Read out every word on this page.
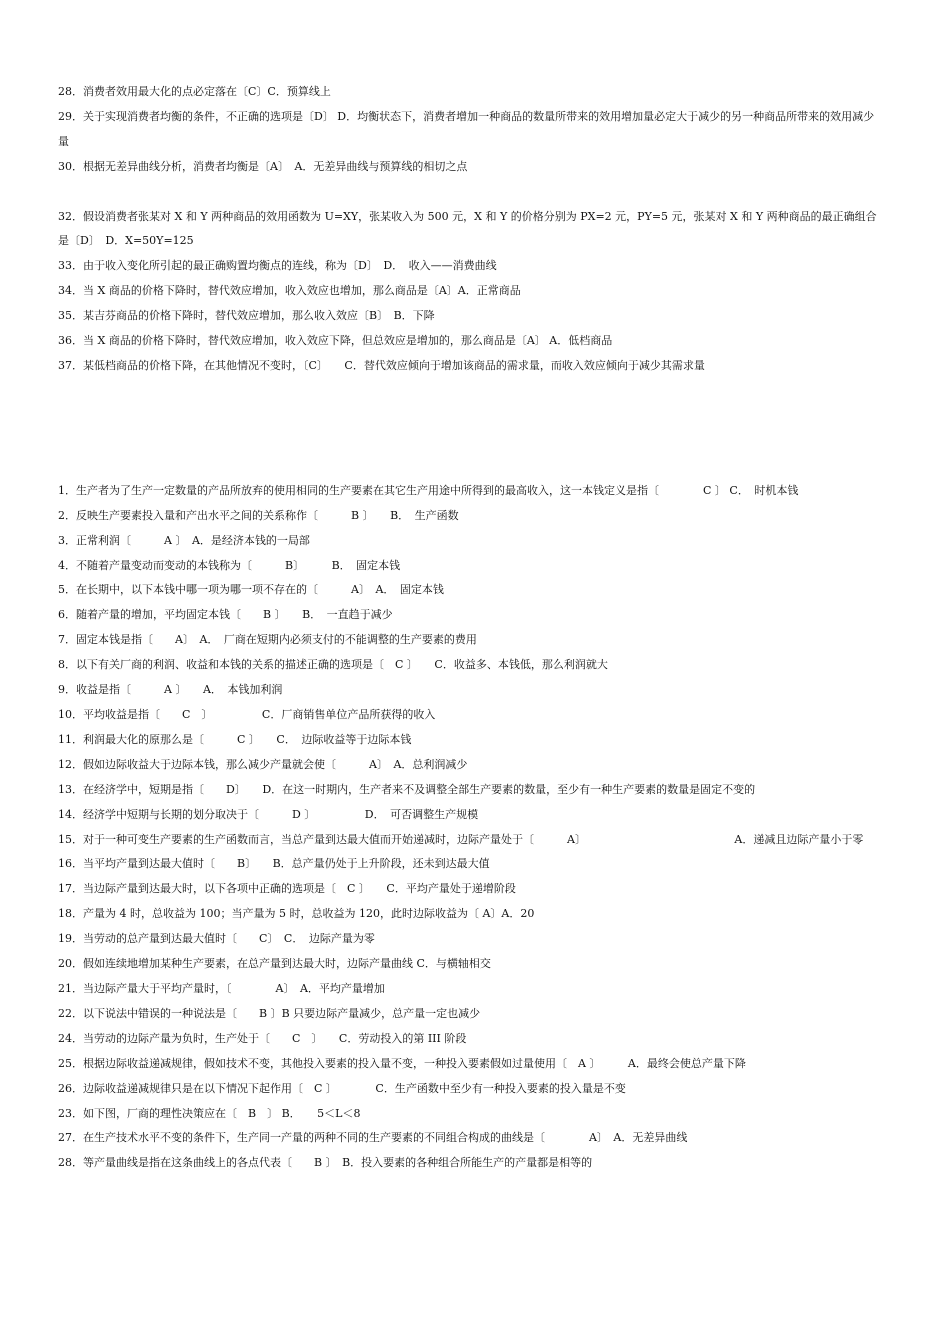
28．消费者效用最大化的点必定落在〔C〕C．预算线上

29．关于实现消费者均衡的条件，不正确的选项是〔D〕 D．均衡状态下，消费者增加一种商品的数量所带来的效用增加量必定大于减少的另一种商品所带来的效用减少量

30．根据无差异曲线分析，消费者均衡是〔A〕　A．无差异曲线与预算线的相切之点

32．假设消费者张某对 X 和 Y 两种商品的效用函数为 U=XY，张某收入为 500 元，X 和 Y 的价格分别为 PX=2 元，PY=5 元，张某对 X 和 Y 两种商品的最正确组合是〔D〕　D．X=50Y=125

33．由于收入变化所引起的最正确购置均衡点的连线，称为〔D〕　D．　收入——消费曲线

34．当 X 商品的价格下降时，替代效应增加，收入效应也增加，那么商品是〔A〕A．正常商品

35．某吉芬商品的价格下降时，替代效应增加，那么收入效应〔B〕　B．下降

36．当 X 商品的价格下降时，替代效应增加，收入效应下降，但总效应是增加的，那么商品是〔A〕 A．低档商品

37．某低档商品的价格下降，在其他情况不变时，〔C〕　　C．替代效应倾向于增加该商品的需求量，而收入效应倾向于减少其需求量

1．生产者为了生产一定数量的产品所放弃的使用相同的生产要素在其它生产用途中所得到的最高收入，这一本钱定义是指〔　　　　C 〕 C．　时机本钱

2．反映生产要素投入量和产出水平之间的关系称作〔　　　B 〕　　B．　生产函数

3．正常利润〔　　　A 〕　A．是经济本钱的一局部

4．不随着产量变动而变动的本钱称为〔　　　B〕　　　B．　固定本钱

5．在长期中，以下本钱中哪一项为哪一项不存在的〔　　　A〕　A．　固定本钱

6．随着产量的增加，平均固定本钱〔　　B 〕　　B．　一直趋于减少

7．固定本钱是指〔　　A〕　A．　厂商在短期内必须支付的不能调整的生产要素的费用

8．以下有关厂商的利润、收益和本钱的关系的描述正确的选项是〔　C 〕　　C．收益多、本钱低，那么利润就大

9．收益是指〔　　　A 〕　　A．　本钱加利润

10．平均收益是指〔　　C　〕　　　　　C．厂商销售单位产品所获得的收入

11．利润最大化的原那么是〔　　　C 〕　　C．　边际收益等于边际本钱

12．假如边际收益大于边际本钱，那么减少产量就会使〔　　　A〕　A．总利润减少

13．在经济学中，短期是指〔　　D〕　　D．在这一时期内，生产者来不及调整全部生产要素的数量，至少有一种生产要素的数量是固定不变的

14．经济学中短期与长期的划分取决于〔　　　D 〕　　　　　D．　可否调整生产规模

15．对于一种可变生产要素的生产函数而言，当总产量到达最大值而开始递减时，边际产量处于〔　　　A〕　　　　　　　　　　　　　　A．递减且边际产量小于零

16．当平均产量到达最大值时〔　　B〕　　B．总产量仍处于上升阶段，还未到达最大值

17．当边际产量到达最大时，以下各项中正确的选项是〔　C 〕　　C．平均产量处于递增阶段

18．产量为 4 时，总收益为 100；当产量为 5 时，总收益为 120，此时边际收益为〔 A〕A．20

19．当劳动的总产量到达最大值时〔　　C〕　C．　边际产量为零

20．假如连续地增加某种生产要素，在总产量到达最大时，边际产量曲线 C．与横轴相交

21．当边际产量大于平均产量时，〔　　　　A〕　A．平均产量增加

22．以下说法中错误的一种说法是〔　　B 〕B 只要边际产量减少，总产量一定也减少

24．当劳动的边际产量为负时，生产处于〔　　C　〕　　C．劳动投入的第 III 阶段

25．根据边际收益递减规律，假如技术不变，其他投入要素的投入量不变，一种投入要素假如过量使用〔　A 〕　　　A．最终会使总产量下降

26．边际收益递减规律只是在以下情况下起作用〔　C 〕　　　　C．生产函数中至少有一种投入要素的投入量是不变

23．如下图，厂商的理性决策应在〔　B　〕 B．　　5＜L＜8

27．在生产技术水平不变的条件下，生产同一产量的两种不同的生产要素的不同组合构成的曲线是〔　　　　A〕　A．无差异曲线

28．等产量曲线是指在这条曲线上的各点代表〔　　B 〕　B．投入要素的各种组合所能生产的产量都是相等的
